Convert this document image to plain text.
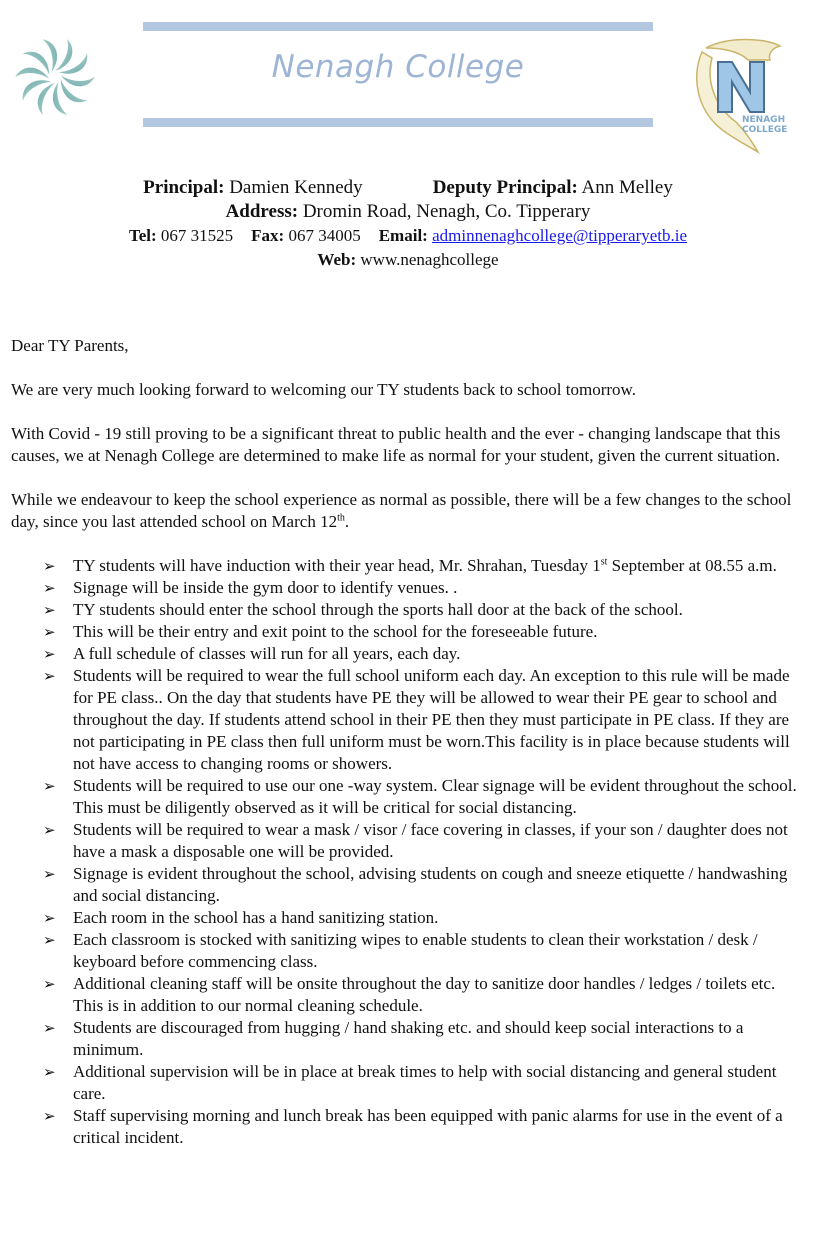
Nenagh College
NENAGH
COLLEGE
Principal: Damien Kennedy	Deputy Principal: Ann Melley
Address: Dromin Road, Nenagh, Co. Tipperary
Tel: 067 31525 Fax: 067 34005 Email: adminnenaghcollege@tipperaryetb.ie
Web: www.nenaghcollege

Dear TY Parents,

We are very much looking forward to welcoming our TY students back to school tomorrow.

With Covid - 19 still proving to be a significant threat to public health and the ever - changing landscape that this causes, we at Nenagh College are determined to make life as normal for your student, given the current situation.

While we endeavour to keep the school experience as normal as possible, there will be a few changes to the school day, since you last attended school on March 12th.

➢ TY students will have induction with their year head, Mr. Shrahan, Tuesday 1st September at 08.55 a.m.
➢ Signage will be inside the gym door to identify venues. .
➢ TY students should enter the school through the sports hall door at the back of the school.
➢ This will be their entry and exit point to the school for the foreseeable future.
➢ A full schedule of classes will run for all years, each day.
➢ Students will be required to wear the full school uniform each day. An exception to this rule will be made for PE class.. On the day that students have PE they will be allowed to wear their PE gear to school and throughout the day. If students attend school in their PE then they must participate in PE class. If they are not participating in PE class then full uniform must be worn.This facility is in place because students will not have access to changing rooms or showers.
➢ Students will be required to use our one -way system. Clear signage will be evident throughout the school. This must be diligently observed as it will be critical for social distancing.
➢ Students will be required to wear a mask / visor / face covering in classes, if your son / daughter does not have a mask a disposable one will be provided.
➢ Signage is evident throughout the school, advising students on cough and sneeze etiquette / handwashing and social distancing.
➢ Each room in the school has a hand sanitizing station.
➢ Each classroom is stocked with sanitizing wipes to enable students to clean their workstation / desk / keyboard before commencing class.
➢ Additional cleaning staff will be onsite throughout the day to sanitize door handles / ledges / toilets etc. This is in addition to our normal cleaning schedule.
➢ Students are discouraged from hugging / hand shaking etc. and should keep social interactions to a minimum.
➢ Additional supervision will be in place at break times to help with social distancing and general student care.
➢ Staff supervising morning and lunch break has been equipped with panic alarms for use in the event of a critical incident.
